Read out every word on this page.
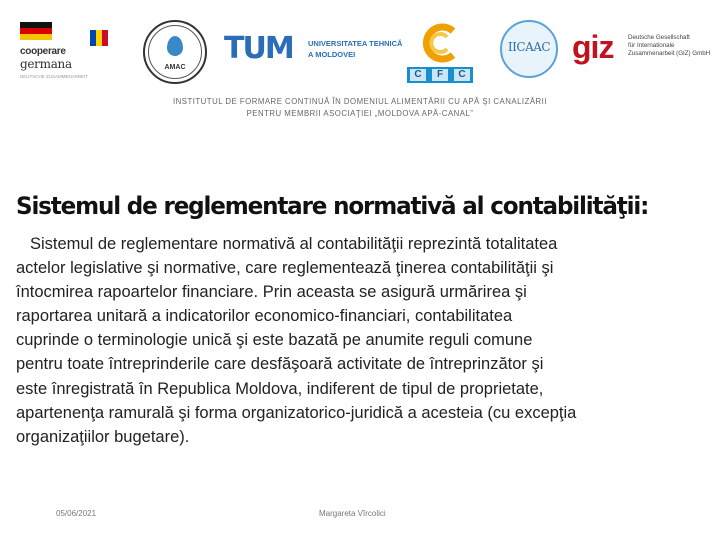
cooperare
germana
DEUTSCHE ZUSAMMENARBEIT
AMAC
TUM UNIVERSITATEA TEHNICĂ
A MOLDOVEI
C	F	C
IICAAC giz Deutsche Gesellschaft
für Internationale
Zusammenarbeit (GIZ) GmbH
INSTITUTUL DE FORMARE CONTINUĂ ÎN DOMENIUL ALIMENTĂRII CU APĂ ŞI CANALIZĂRII
PENTRU MEMBRII ASOCIAŢIEI „MOLDOVA APĂ-CANAL”
Sistemul de reglementare normativă al contabilităţii:
Sistemul de reglementare normativă al contabilităţii reprezintă totalitatea
actelor legislative şi normative, care reglementează ţinerea contabilităţii şi
întocmirea rapoartelor financiare. Prin aceasta se asigură urmărirea şi
raportarea unitară a indicatorilor economico-financiari, contabilitatea
cuprinde o terminologie unică şi este bazată pe anumite reguli comune
pentru toate întreprinderile care desfăşoară activitate de întreprinzător şi
este înregistrată în Republica Moldova, indiferent de tipul de proprietate,
apartenenţa ramurală şi forma organizatorico-juridică a acesteia (cu excepţia
organizaţiilor bugetare).
05/06/2021	Margareta Vîrcolici
